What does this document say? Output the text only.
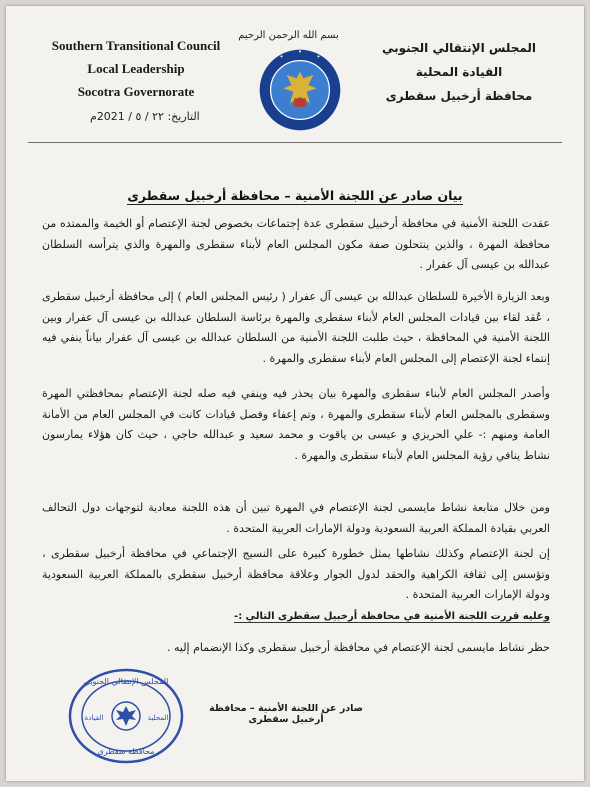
Southern Transitional Council
Local Leadership
Socotra Governorate
بسم الله الرحمن الرحيم
المجلس الإنتقالي الجنوبي
القيادة المحلية
محافظة أرخبيل سقطرى
التاريخ: ٢٢ / ٥ / 2021م
بيان صادر عن اللجنة الأمنية – محافظة أرخبيل سقطرى

عقدت اللجنة الأمنية في محافظة أرخبيل سقطرى عدة إجتماعات بخصوص لجنة الإعتصام أو الخيمة والممتده من محافظة المهرة ، والذين ينتحلون صفة مكون المجلس العام لأبناء سقطرى والمهرة والذي يترأسه السلطان عبدالله بن عيسى آل عفرار .

وبعد الزيارة الأخيرة للسلطان عبدالله بن عيسى آل عفرار ( رئيس المجلس العام ) إلى محافظة أرخبيل سقطرى ، عُقد لقاء بين قيادات المجلس العام لأبناء سقطرى والمهرة برئاسة السلطان عبدالله بن عيسى آل عفرار وبين اللجنة الأمنية في المحافظة ، حيث طلبت اللجنة الأمنية من السلطان عبدالله بن عيسى آل عفرار بياناً ينفي فيه إنتماء لجنة الإعتصام إلى المجلس العام لأبناء سقطرى والمهرة .

وأصدر المجلس العام لأبناء سقطرى والمهرة بيان يحذر فيه وينفي فيه صله لجنة الإعتصام بمحافظتي المهرة وسقطرى بالمجلس العام لأبناء سقطرى والمهرة ، وتم إعفاء وفصل قيادات كانت في المجلس العام من الأمانة العامة ومنهم :- علي الحريزي و عيسى بن ياقوت و محمد سعيد و عبدالله حاجي ، حيث كان هؤلاء يمارسون نشاط ينافي رؤية المجلس العام لأبناء سقطرى والمهرة .

ومن خلال متابعة نشاط مايسمى لجنة الإعتصام في المهرة تبين أن هذه اللجنة معادية لتوجهات دول التحالف العربي بقيادة المملكة العربية السعودية ودولة الإمارات العربية المتحدة .

إن لجنة الإعتصام وكذلك نشاطها يمثل خطورة كبيرة على النسيج الإجتماعي في محافظة أرخبيل سقطرى ، وتؤسس إلى ثقافة الكراهية والحقد لدول الجوار وعلاقة محافظة أرخبيل سقطرى بالمملكة العربية السعودية ودولة الإمارات العربية المتحدة .

وعليه قررت اللجنة الأمنية في محافظة أرخبيل سقطرى التالي :-

حظر نشاط مايسمى لجنة الإعتصام في محافظة أرخبيل سقطرى وكذا الإنضمام إليه .

المجلس الإنتقالي الجنوبي
القيادة	المحلية
محافظة سقطرى
صادر عن اللجنة الأمنية – محافظة أرخبيل سقطرى
